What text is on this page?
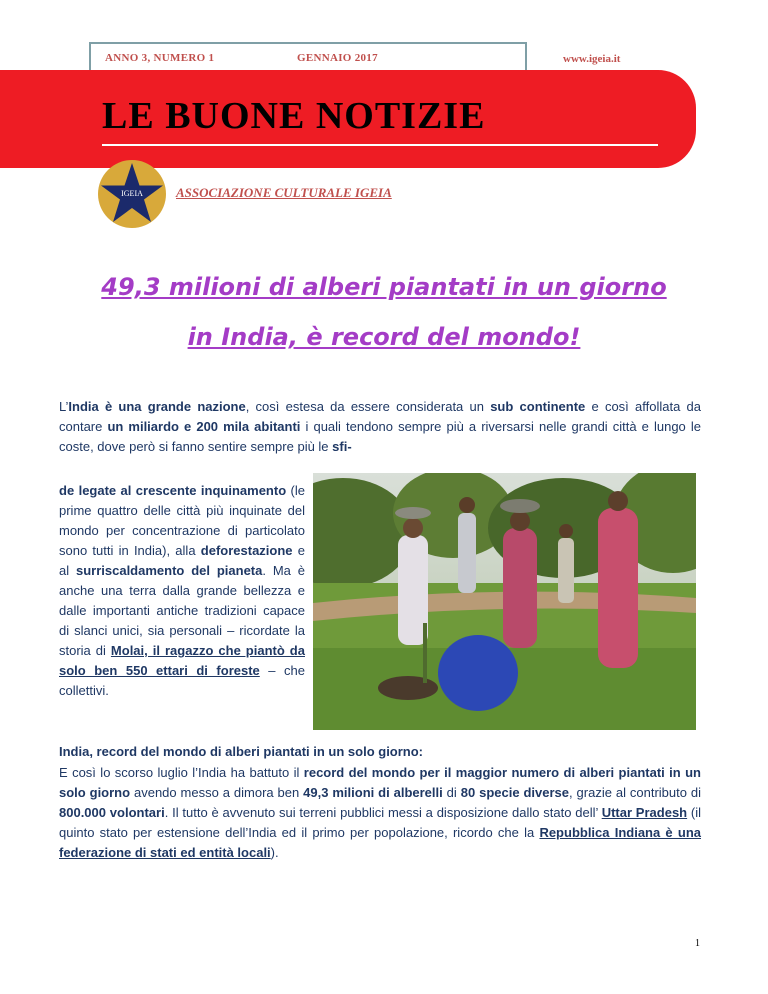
ANNO 3, NUMERO 1	GENNAIO 2017	www.igeia.it
LE BUONE NOTIZIE
IGEIA	ASSOCIAZIONE CULTURALE IGEIA
49,3 milioni di alberi piantati in un giorno
in India, è record del mondo!

L’India è una grande nazione, così estesa da essere considerata un sub continente e così affollata da contare un miliardo e 200 mila abitanti i quali tendono sempre più a riversarsi nelle grandi città e lungo le coste, dove però si fanno sentire sempre più le sfi-

de legate al crescente inquinamento (le prime quattro delle città più inquinate del mondo per concentrazione di particolato sono tutti in India), alla deforestazione e al surriscaldamento del pianeta. Ma è anche una terra dalla grande bellezza e dalle importanti antiche tradizioni capace di slanci unici, sia personali – ricordate la storia di Molai, il ragazzo che piantò da solo ben 550 ettari di foreste – che collettivi.

India, record del mondo di alberi piantati in un solo giorno:

E così lo scorso luglio l’India ha battuto il record del mondo per il maggior numero di alberi piantati in un solo giorno avendo messo a dimora ben 49,3 milioni di alberelli di 80 specie diverse, grazie al contributo di 800.000 volontari. Il tutto è avvenuto sui terreni pubblici messi a disposizione dallo stato dell’ Uttar Pradesh (il quinto stato per estensione dell’India ed il primo per popolazione, ricordo che la Repubblica Indiana è una federazione di stati ed entità locali).

1
